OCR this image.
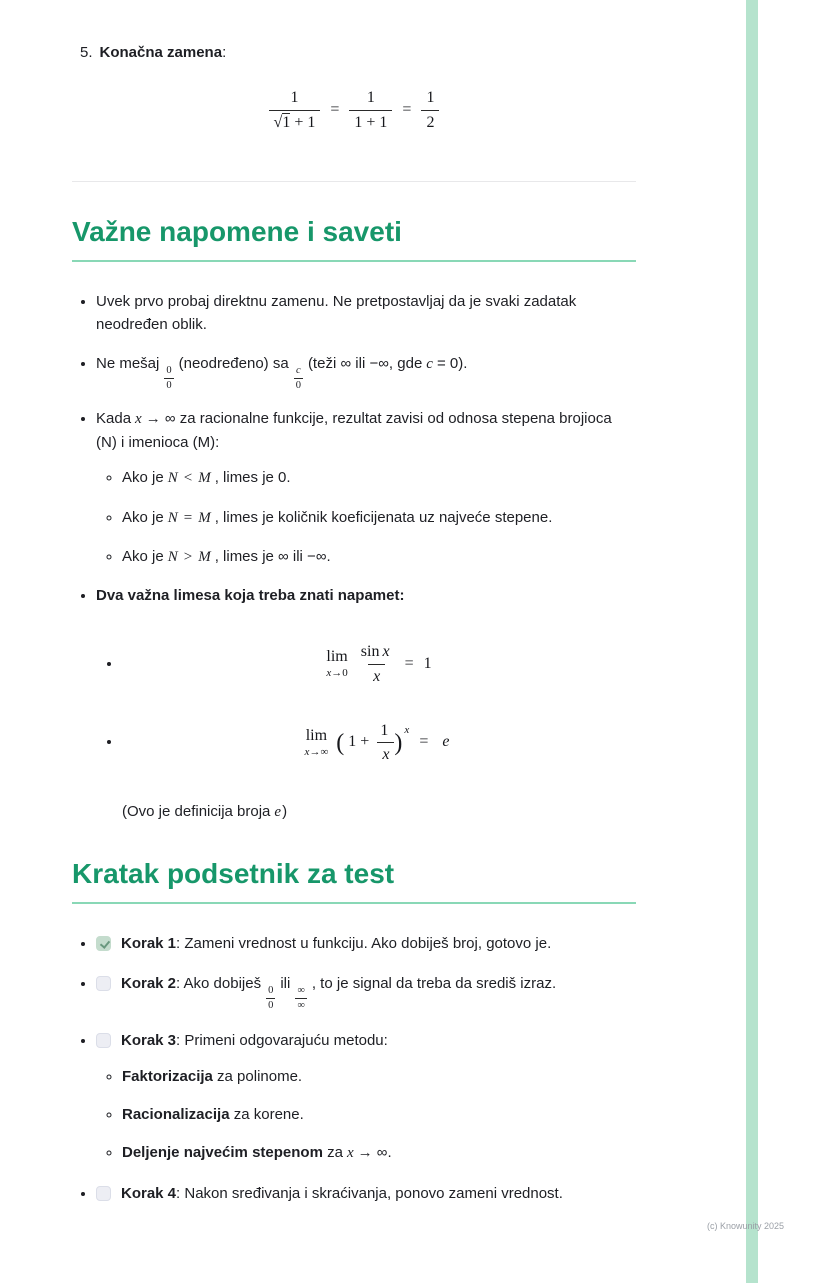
5. Konačna zamena:
$\frac{1}{√1 + 1} = \frac{1}{1 + 1} = \frac{1}{2}$
Važne napomene i saveti
• Uvek prvo probaj direktnu zamenu. Ne pretpostavljaj da je svaki zadatak neodređen oblik.
• Ne mešaj
$\frac{0}{0}$
(neodređeno) sa
$\frac{c}{0}$
(teži ∞ ili −∞, gde c = 0).
• Kada x → ∞ za racionalne funkcije, rezultat zavisi od odnosa stepena brojioca (N) i imenioca (M):
◦ Ako je N < M , limes je 0.
◦ Ako je N = M , limes je količnik koeficijenata uz najveće stepene.
◦ Ako je N > M , limes je ∞ ili −∞.
• Dva važna limesa koja treba znati napamet:
• lim
$x\to 0 \frac{\text{sin x}}{x} = 1$
• lim
x→∞ ( $1 + \frac{1}{x}$ ) $^x$= e
(Ovo je definicija broja e)
Kratak podsetnik za test
• Korak 1: Zameni vrednost u funkciju. Ako dobiješ broj, gotovo je.
• Korak 2: Ako dobiješ
$\frac{0}{0}$
ili ∞
∞
, to je signal da treba da središ izraz.
• Korak 3: Primeni odgovarajuću metodu:
◦ Faktorizacija za polinome.
◦ Racionalizacija za korene.
◦ Deljenje najvećim stepenom za x → ∞.
• Korak 4: Nakon sređivanja i skraćivanja, ponovo zameni vrednost.
(c) Knowunity 2025
